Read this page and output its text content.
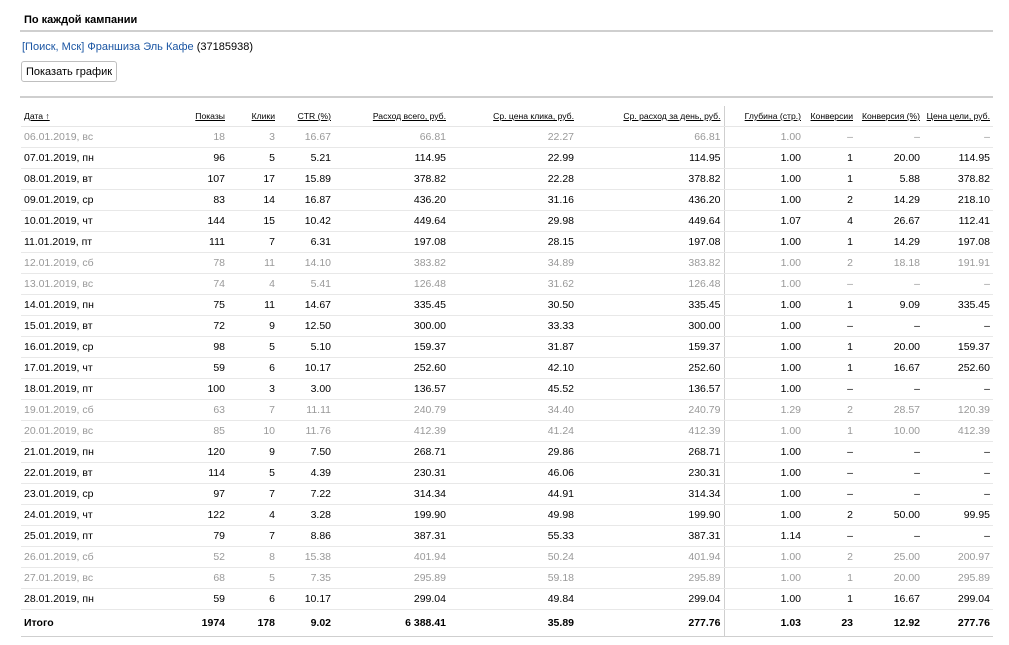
По каждой кампании
[Поиск, Мск] Франшиза Эль Кафе (37185938)
Показать график
Дата ↑	Показы	Клики	CTR (%)	Расход всего, руб.	Ср. цена клика, руб.	Ср. расход за день, руб.	Глубина (стр.)	Конверсии	Конверсия (%)	Цена цели, руб.
06.01.2019, вс	18	3	16.67	66.81	22.27	66.81	1.00	–	–	–
07.01.2019, пн	96	5	5.21	114.95	22.99	114.95	1.00	1	20.00	114.95
08.01.2019, вт	107	17	15.89	378.82	22.28	378.82	1.00	1	5.88	378.82
09.01.2019, ср	83	14	16.87	436.20	31.16	436.20	1.00	2	14.29	218.10
10.01.2019, чт	144	15	10.42	449.64	29.98	449.64	1.07	4	26.67	112.41
11.01.2019, пт	111	7	6.31	197.08	28.15	197.08	1.00	1	14.29	197.08
12.01.2019, сб	78	11	14.10	383.82	34.89	383.82	1.00	2	18.18	191.91
13.01.2019, вс	74	4	5.41	126.48	31.62	126.48	1.00	–	–	–
14.01.2019, пн	75	11	14.67	335.45	30.50	335.45	1.00	1	9.09	335.45
15.01.2019, вт	72	9	12.50	300.00	33.33	300.00	1.00	–	–	–
16.01.2019, ср	98	5	5.10	159.37	31.87	159.37	1.00	1	20.00	159.37
17.01.2019, чт	59	6	10.17	252.60	42.10	252.60	1.00	1	16.67	252.60
18.01.2019, пт	100	3	3.00	136.57	45.52	136.57	1.00	–	–	–
19.01.2019, сб	63	7	11.11	240.79	34.40	240.79	1.29	2	28.57	120.39
20.01.2019, вс	85	10	11.76	412.39	41.24	412.39	1.00	1	10.00	412.39
21.01.2019, пн	120	9	7.50	268.71	29.86	268.71	1.00	–	–	–
22.01.2019, вт	114	5	4.39	230.31	46.06	230.31	1.00	–	–	–
23.01.2019, ср	97	7	7.22	314.34	44.91	314.34	1.00	–	–	–
24.01.2019, чт	122	4	3.28	199.90	49.98	199.90	1.00	2	50.00	99.95
25.01.2019, пт	79	7	8.86	387.31	55.33	387.31	1.14	–	–	–
26.01.2019, сб	52	8	15.38	401.94	50.24	401.94	1.00	2	25.00	200.97
27.01.2019, вс	68	5	7.35	295.89	59.18	295.89	1.00	1	20.00	295.89
28.01.2019, пн	59	6	10.17	299.04	49.84	299.04	1.00	1	16.67	299.04
Итого	1974	178	9.02	6 388.41	35.89	277.76	1.03	23	12.92	277.76
